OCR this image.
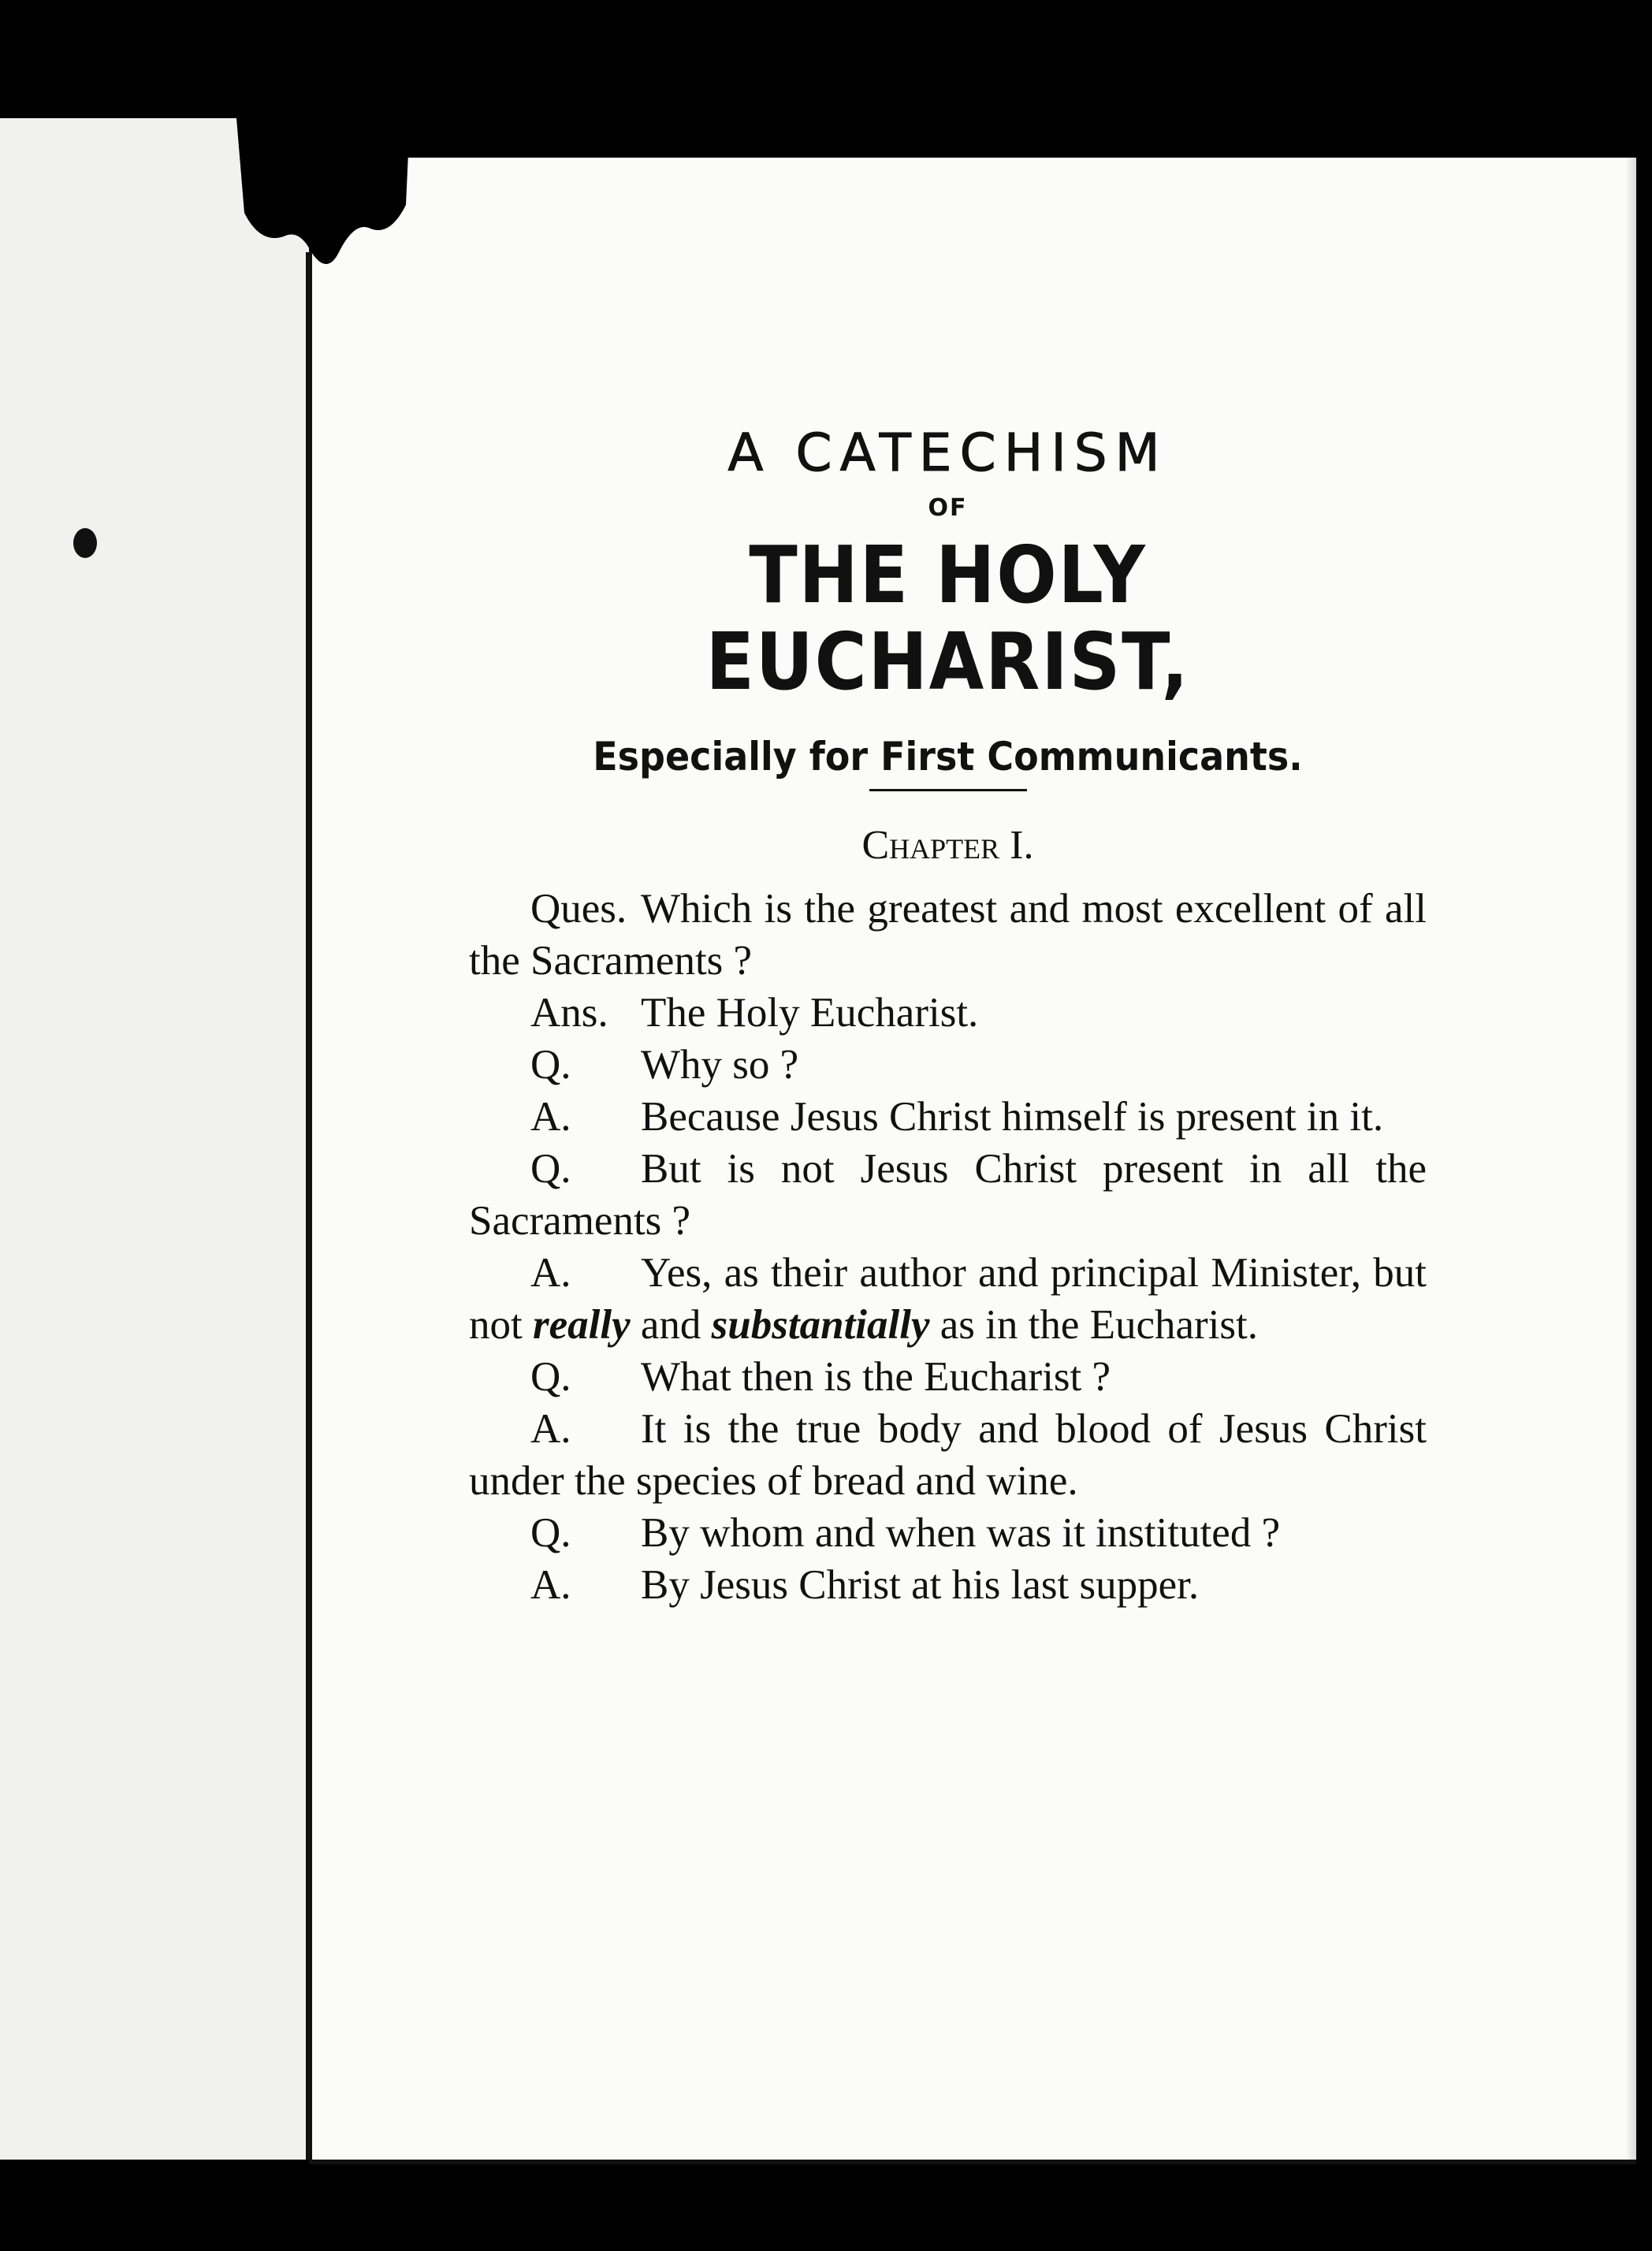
A CATECHISM
OF
THE HOLY EUCHARIST,
Especially for First Communicants.
Chapter I.

Ques. Which is the greatest and most excellent of all the Sacraments ?

Ans. The Holy Eucharist.

Q. Why so ?

A. Because Jesus Christ himself is present in it.

Q. But is not Jesus Christ present in all the Sacraments ?

A. Yes, as their author and principal Minister, but not really and substantially as in the Eucharist.

Q. What then is the Eucharist ?

A. It is the true body and blood of Jesus Christ under the species of bread and wine.

Q. By whom and when was it instituted ?

A. By Jesus Christ at his last supper.
